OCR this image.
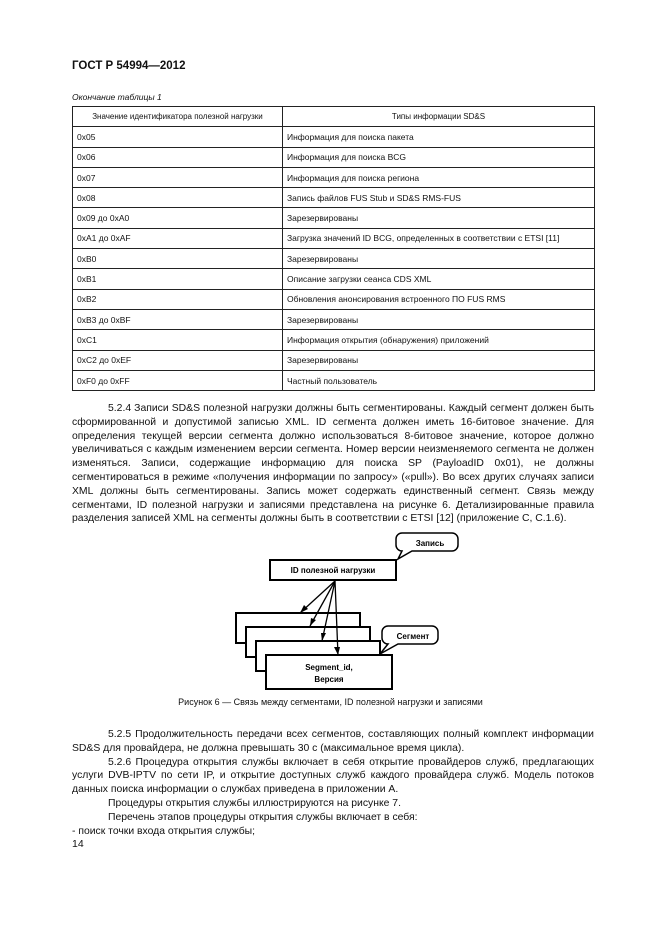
ГОСТ Р 54994—2012
Окончание таблицы 1
Значение идентификатора полезной нагрузки	Типы информации SD&S
0x05	Информация для поиска пакета
0x06	Информация для поиска BCG
0x07	Информация для поиска региона
0x08	Запись файлов FUS Stub и SD&S RMS-FUS
0x09 до 0xA0	Зарезервированы
0xA1 до 0xAF	Загрузка значений ID BCG, определенных в соответствии с ETSI [11]
0xB0	Зарезервированы
0xB1	Описание загрузки сеанса CDS XML
0xB2	Обновления анонсирования встроенного ПО FUS RMS
0xB3 до 0xBF	Зарезервированы
0xC1	Информация открытия (обнаружения) приложений
0xC2 до 0xEF	Зарезервированы
0xF0 до 0xFF	Частный пользователь

5.2.4 Записи SD&S полезной нагрузки должны быть сегментированы. Каждый сегмент должен быть сформированной и допустимой записью XML. ID сегмента должен иметь 16-битовое значение. Для определения текущей версии сегмента должно использоваться 8-битовое значение, которое должно увеличиваться с каждым изменением версии сегмента. Номер версии неизменяемого сегмента не должен изменяться. Записи, содержащие информацию для поиска SP (PayloadID 0x01), не должны сегментироваться в режиме «получения информации по запросу» («pull»). Во всех других случаях записи XML должны быть сегментированы. Запись может содержать единственный сегмент. Связь между сегментами, ID полезной нагрузки и записями представлена на рисунке 6. Детализированные правила разделения записей XML на сегменты должны быть в соответствии с ETSI [12] (приложение С, С.1.6).

Запись
ID полезной нагрузки
Сегмент
Segment_id,
Версия
Рисунок 6 — Связь между сегментами, ID полезной нагрузки и записями

5.2.5 Продолжительность передачи всех сегментов, составляющих полный комплект информации SD&S для провайдера, не должна превышать 30 с (максимальное время цикла).

5.2.6 Процедура открытия службы включает в себя открытие провайдеров служб, предлагающих услуги DVB-IPTV по сети IP, и открытие доступных служб каждого провайдера служб. Модель потоков данных поиска информации о службах приведена в приложении А.

Процедуры открытия службы иллюстрируются на рисунке 7.

Перечень этапов процедуры открытия службы включает в себя:

- поиск точки входа открытия службы;

14
